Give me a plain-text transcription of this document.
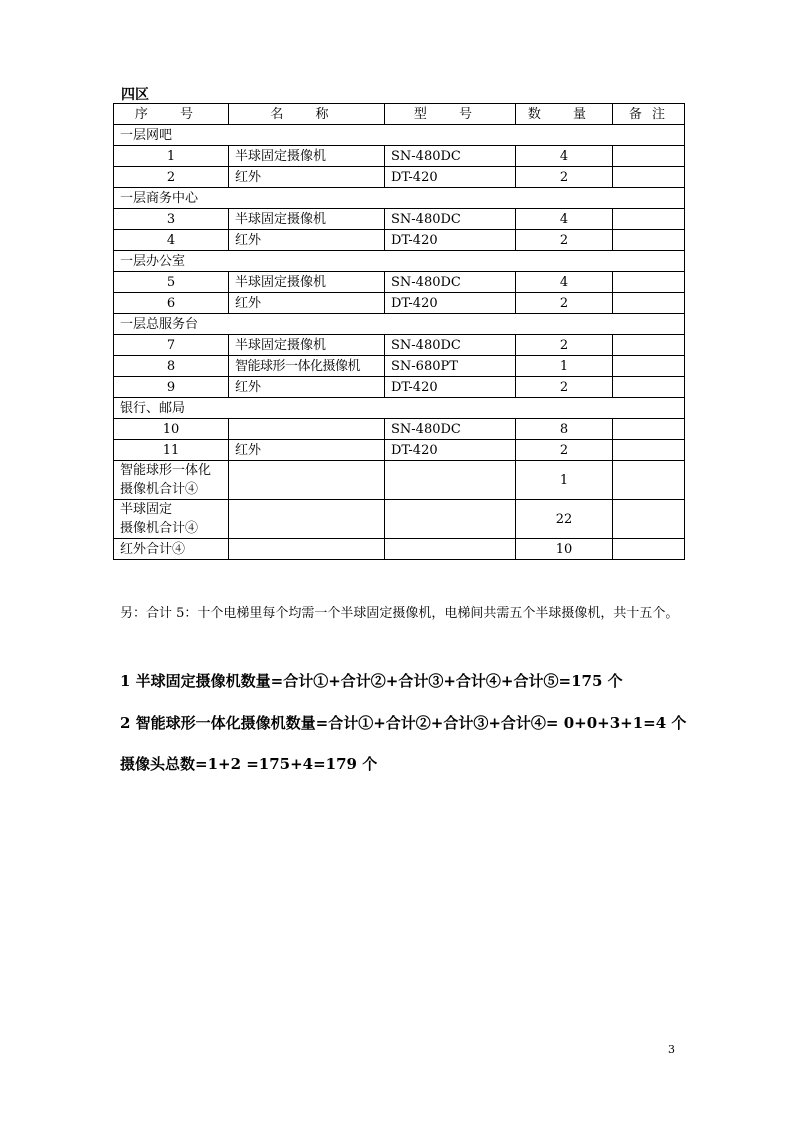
四区
序 号	名 称	型 号	数 量	备 注
一层网吧				
1	半球固定摄像机	SN-480DC	4	
2	红外	DT-420	2	
一层商务中心				
3	半球固定摄像机	SN-480DC	4	
4	红外	DT-420	2	
一层办公室				
5	半球固定摄像机	SN-480DC	4	
6	红外	DT-420	2	
一层总服务台				
7	半球固定摄像机	SN-480DC	2	
8	智能球形一体化摄像机	SN-680PT	1	
9	红外	DT-420	2	
银行、邮局				
10		SN-480DC	8	
11	红外	DT-420	2	
智能球形一体化
摄像机合计④			1	
半球固定
摄像机合计④			22	
红外合计④			10	
另：合计 5：十个电梯里每个均需一个半球固定摄像机，电梯间共需五个半球摄像机，共十五个。
1 半球固定摄像机数量=合计①+合计②+合计③+合计④+合计⑤=175 个
2 智能球形一体化摄像机数量=合计①+合计②+合计③+合计④= 0+0+3+1=4 个
摄像头总数=1+2 =175+4=179 个
3
